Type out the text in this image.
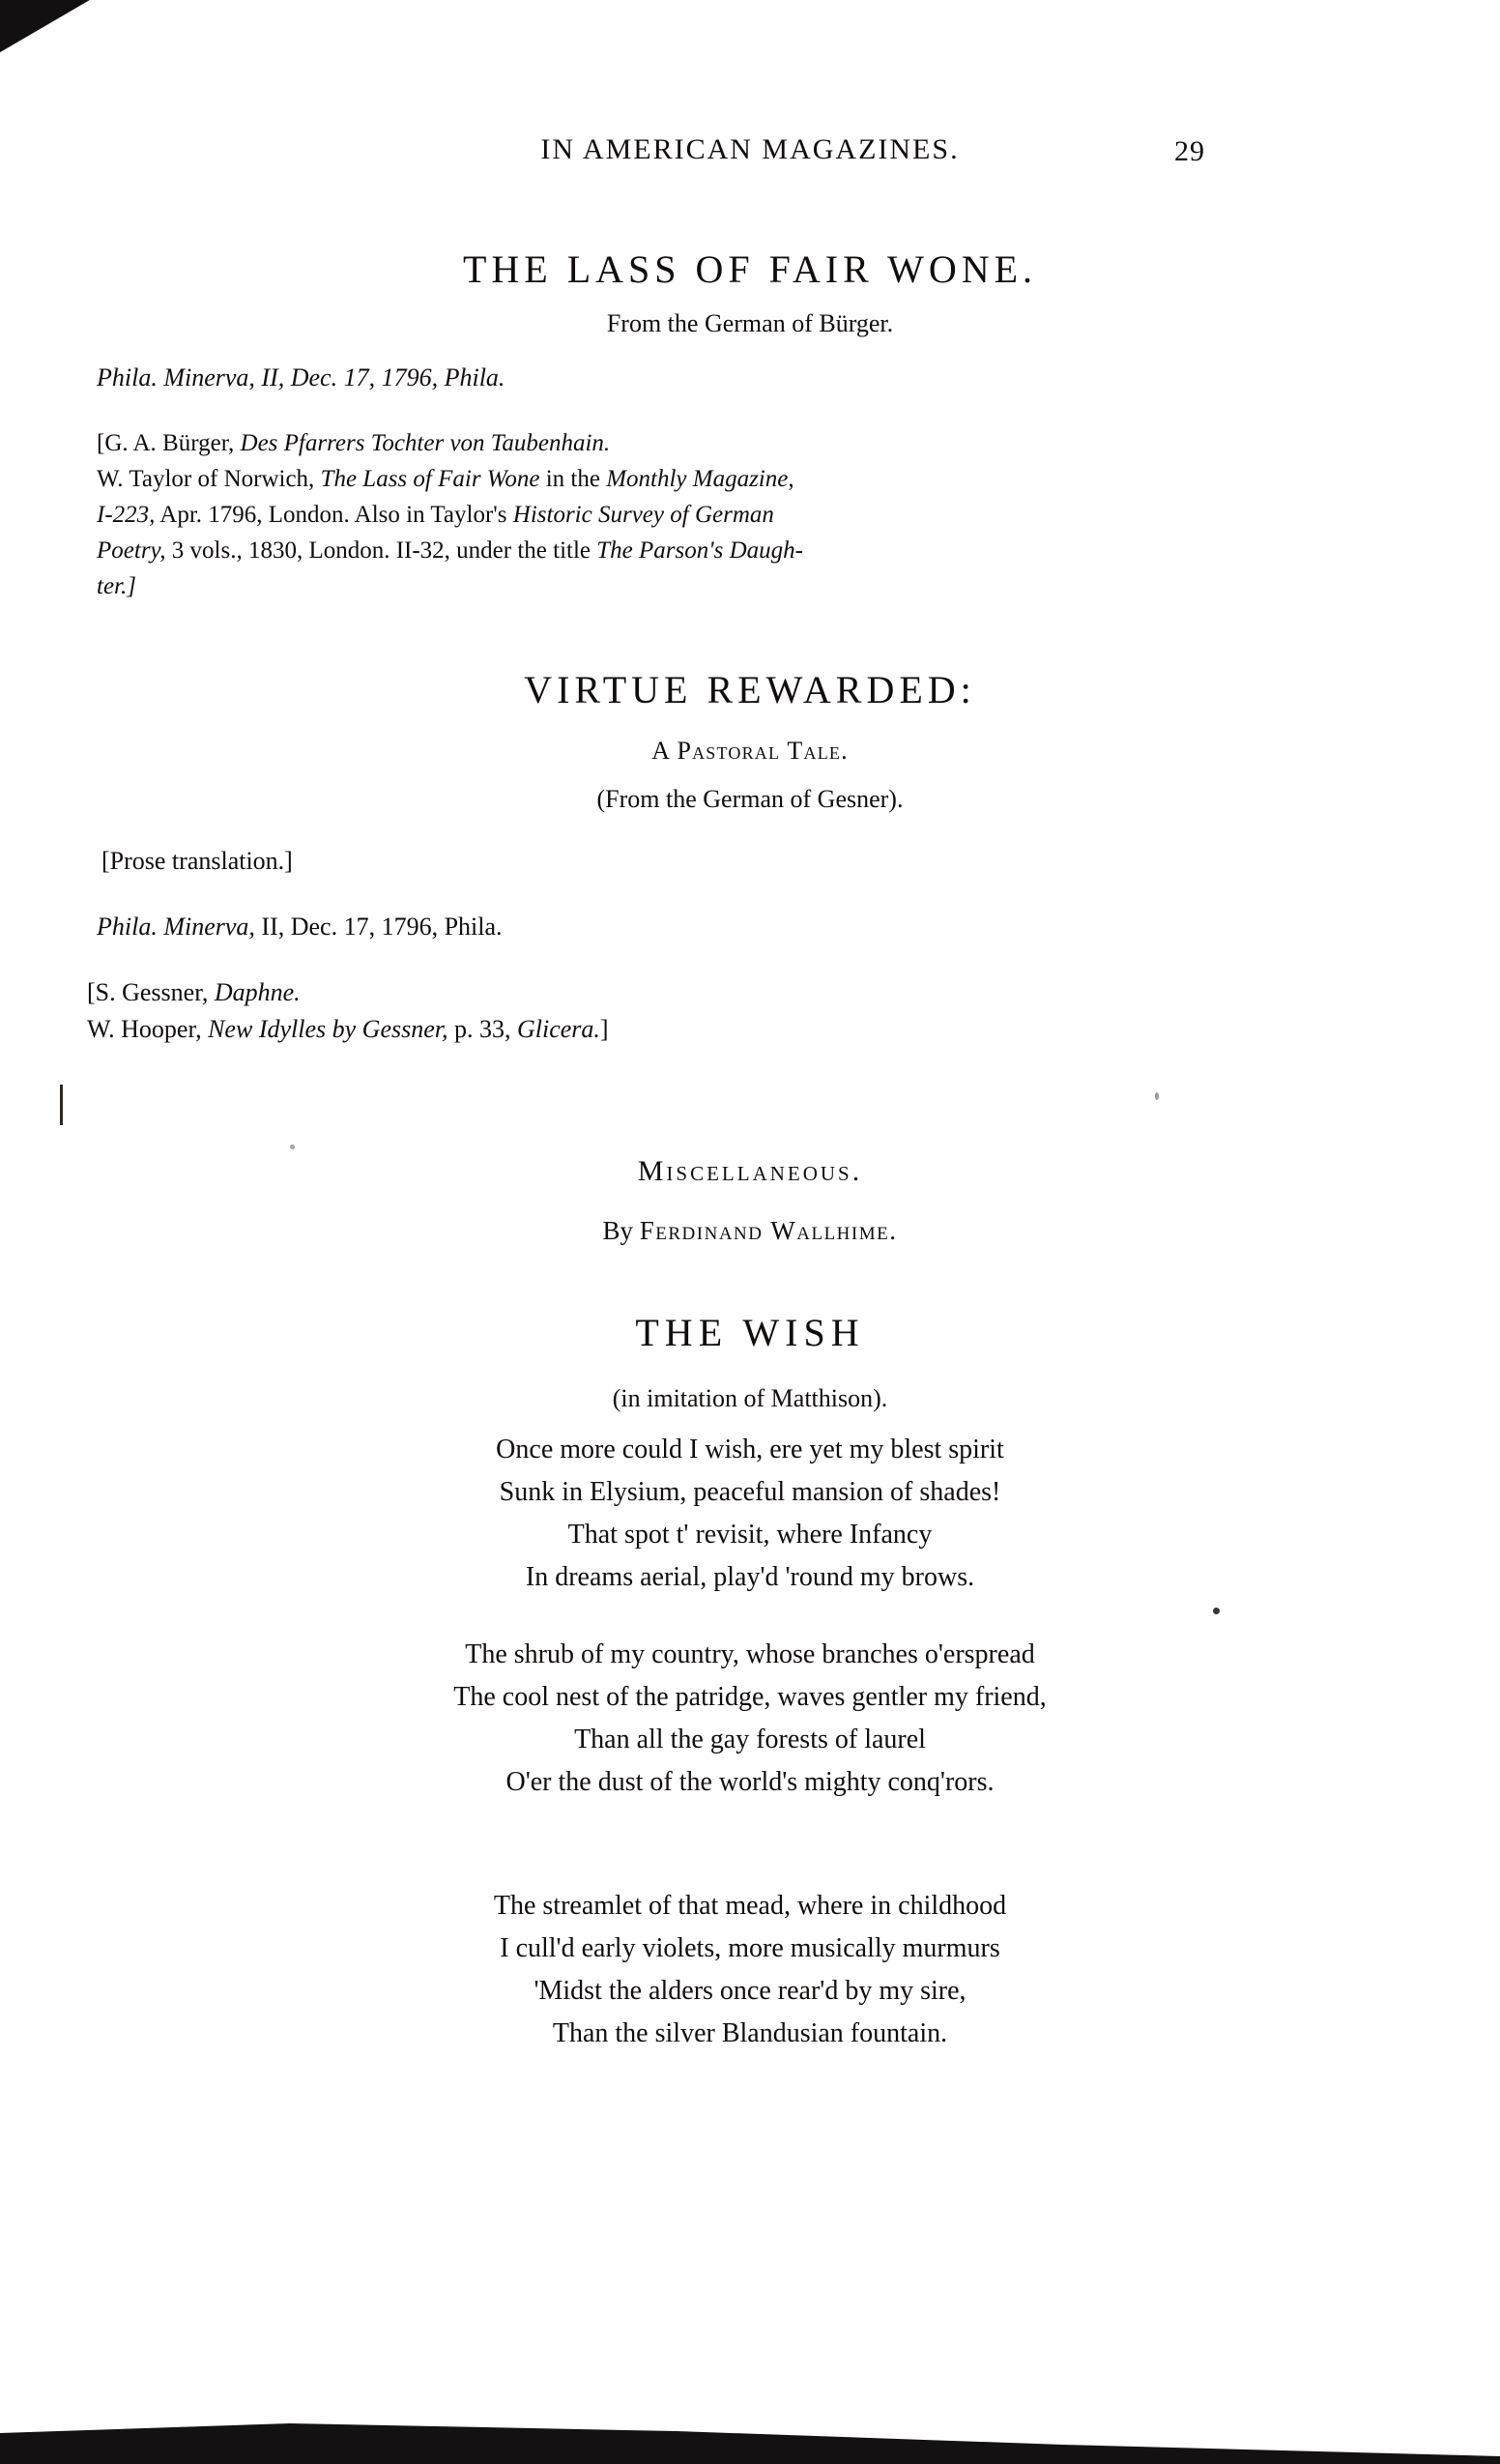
IN AMERICAN MAGAZINES.	29
THE LASS OF FAIR WONE.
From the German of Bürger.
Phila. Minerva, II, Dec. 17, 1796, Phila.
[G. A. Bürger, Des Pfarrers Tochter von Taubenhain.
W. Taylor of Norwich, The Lass of Fair Wone in the Monthly Magazine,
I-223, Apr. 1796, London. Also in Taylor's Historic Survey of German
Poetry, 3 vols., 1830, London. II-32, under the title The Parson's Daugh-
ter.]
VIRTUE REWARDED:
A Pastoral Tale.
(From the German of Gesner).
[Prose translation.]
Phila. Minerva, II, Dec. 17, 1796, Phila.
[S. Gessner, Daphne.
W. Hooper, New Idylles by Gessner, p. 33, Glicera.]
Miscellaneous.
By Ferdinand Wallhime.
THE WISH
(in imitation of Matthison).
Once more could I wish, ere yet my blest spirit
Sunk in Elysium, peaceful mansion of shades!
That spot t' revisit, where Infancy
In dreams aerial, play'd 'round my brows.
The shrub of my country, whose branches o'erspread
The cool nest of the patridge, waves gentler my friend,
Than all the gay forests of laurel
O'er the dust of the world's mighty conq'rors.
The streamlet of that mead, where in childhood
I cull'd early violets, more musically murmurs
'Midst the alders once rear'd by my sire,
Than the silver Blandusian fountain.
